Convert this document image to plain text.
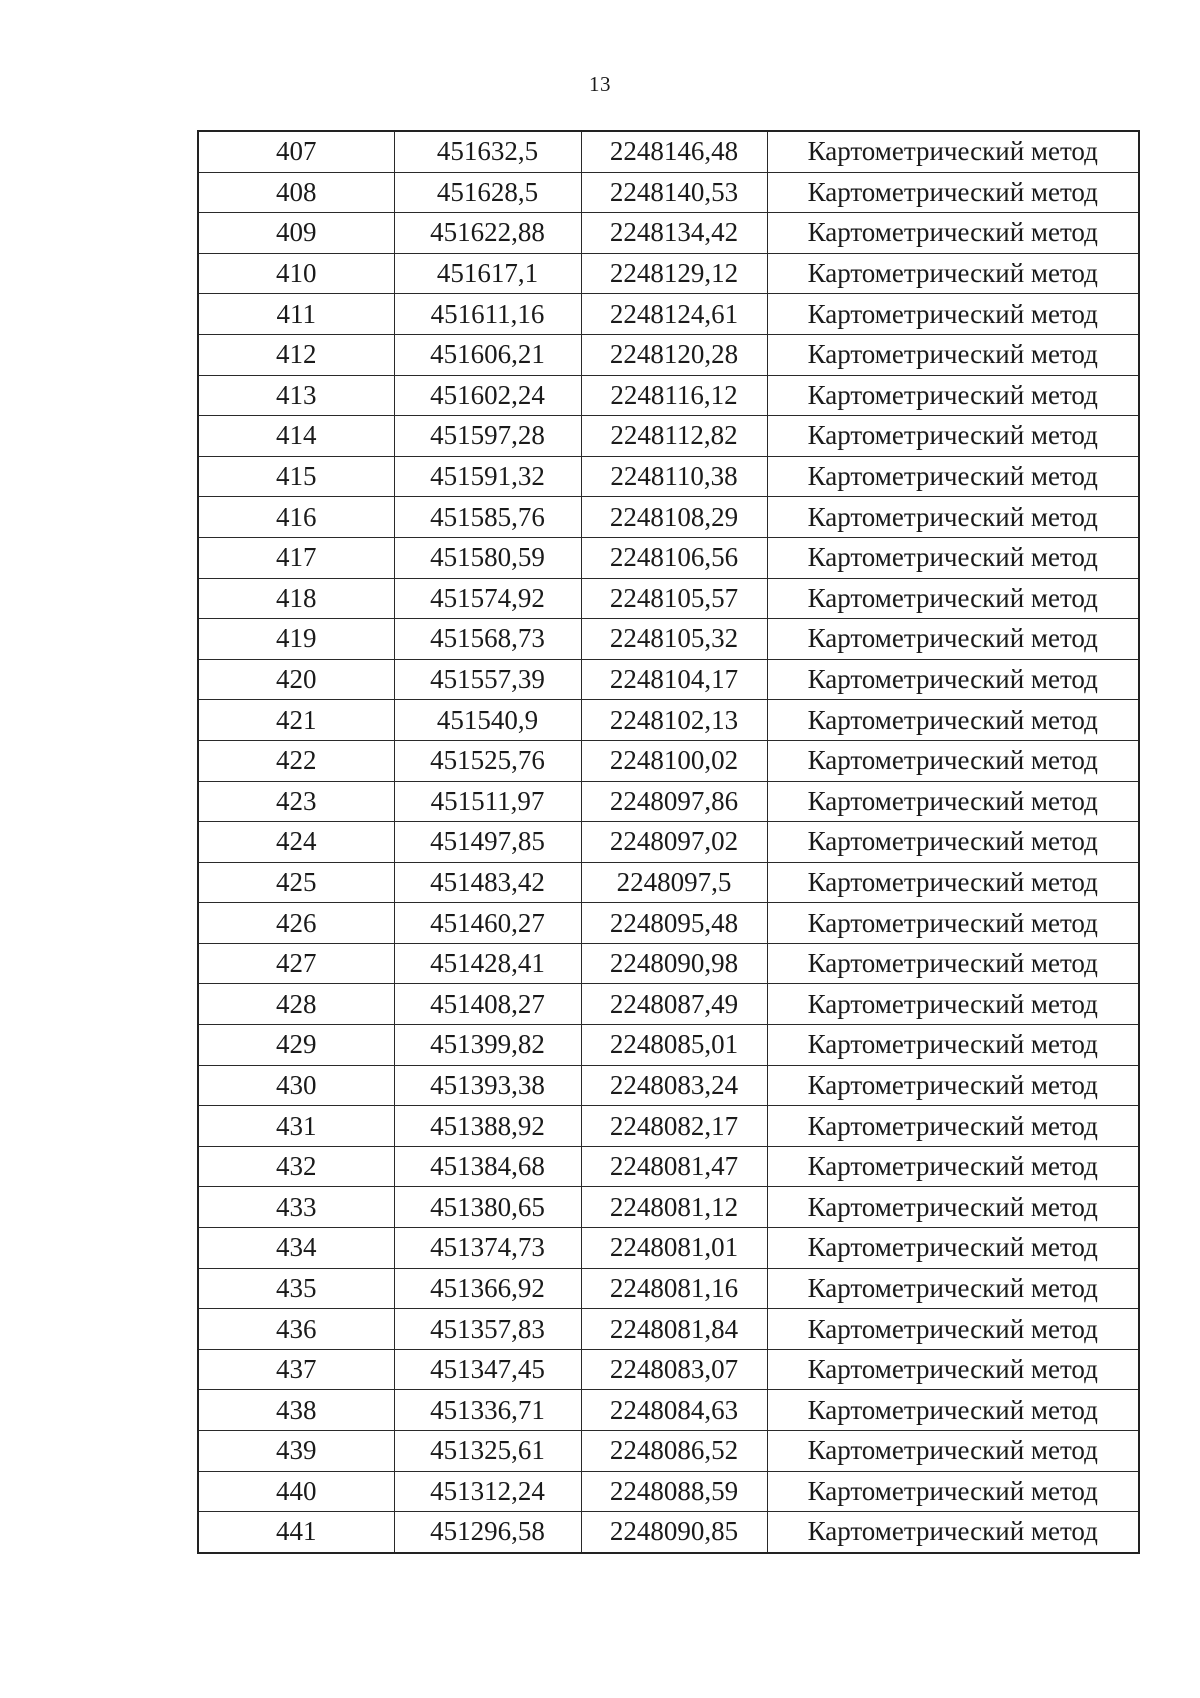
13
407	451632,5	2248146,48	Картометрический метод
408	451628,5	2248140,53	Картометрический метод
409	451622,88	2248134,42	Картометрический метод
410	451617,1	2248129,12	Картометрический метод
411	451611,16	2248124,61	Картометрический метод
412	451606,21	2248120,28	Картометрический метод
413	451602,24	2248116,12	Картометрический метод
414	451597,28	2248112,82	Картометрический метод
415	451591,32	2248110,38	Картометрический метод
416	451585,76	2248108,29	Картометрический метод
417	451580,59	2248106,56	Картометрический метод
418	451574,92	2248105,57	Картометрический метод
419	451568,73	2248105,32	Картометрический метод
420	451557,39	2248104,17	Картометрический метод
421	451540,9	2248102,13	Картометрический метод
422	451525,76	2248100,02	Картометрический метод
423	451511,97	2248097,86	Картометрический метод
424	451497,85	2248097,02	Картометрический метод
425	451483,42	2248097,5	Картометрический метод
426	451460,27	2248095,48	Картометрический метод
427	451428,41	2248090,98	Картометрический метод
428	451408,27	2248087,49	Картометрический метод
429	451399,82	2248085,01	Картометрический метод
430	451393,38	2248083,24	Картометрический метод
431	451388,92	2248082,17	Картометрический метод
432	451384,68	2248081,47	Картометрический метод
433	451380,65	2248081,12	Картометрический метод
434	451374,73	2248081,01	Картометрический метод
435	451366,92	2248081,16	Картометрический метод
436	451357,83	2248081,84	Картометрический метод
437	451347,45	2248083,07	Картометрический метод
438	451336,71	2248084,63	Картометрический метод
439	451325,61	2248086,52	Картометрический метод
440	451312,24	2248088,59	Картометрический метод
441	451296,58	2248090,85	Картометрический метод
